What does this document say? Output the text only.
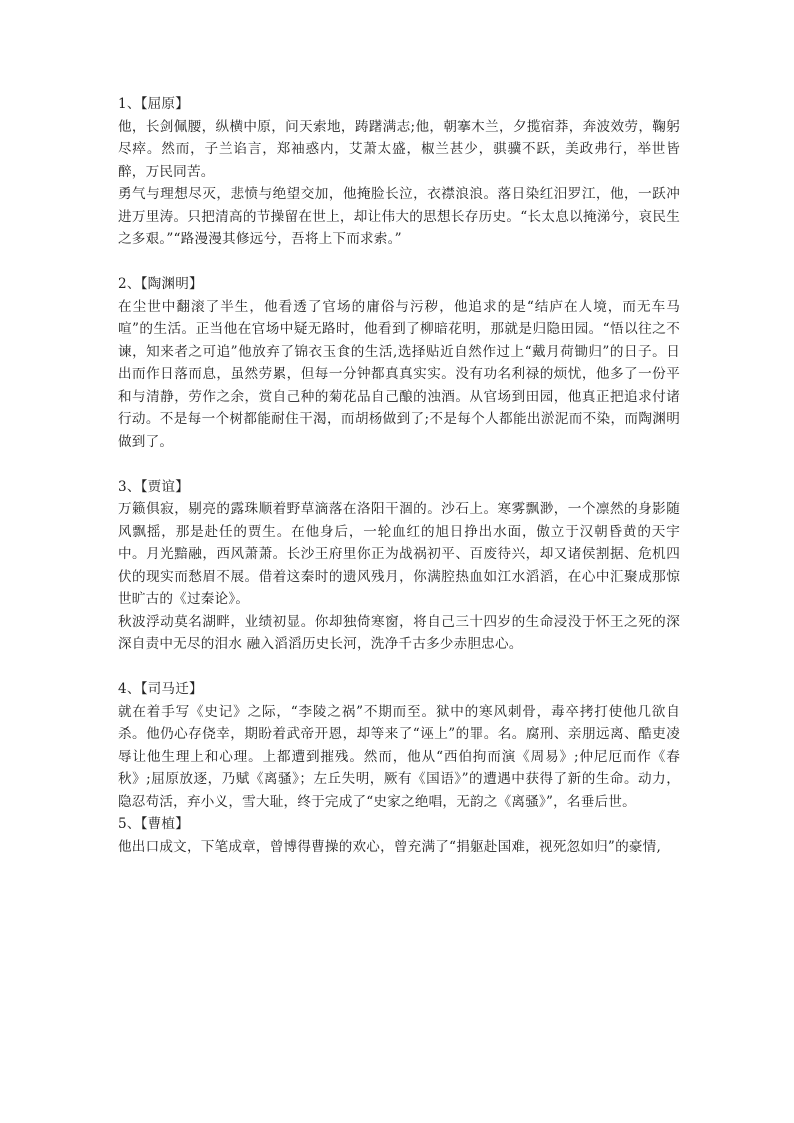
1、【屈原】

他，长剑佩腰，纵横中原，问天索地，踌躇满志;他，朝搴木兰，夕揽宿莽，奔波效劳，鞠躬尽瘁。然而，子兰谄言，郑袖惑内，艾萧太盛，椒兰甚少，骐骥不跃，美政弗行，举世皆醉，万民同苦。

勇气与理想尽灭，悲愤与绝望交加，他掩脸长泣，衣襟浪浪。落日染红汨罗江，他，一跃冲进万里涛。只把清高的节操留在世上，却让伟大的思想长存历史。“长太息以掩涕兮，哀民生之多艰。”“路漫漫其修远兮，吾将上下而求索。”

2、【陶渊明】

在尘世中翻滚了半生，他看透了官场的庸俗与污秽，他追求的是“结庐在人境，而无车马喧”的生活。正当他在官场中疑无路时，他看到了柳暗花明，那就是归隐田园。“悟以往之不谏，知来者之可追”他放弃了锦衣玉食的生活,选择贴近自然作过上“戴月荷锄归”的日子。日出而作日落而息，虽然劳累，但每一分钟都真真实实。没有功名利禄的烦忧，他多了一份平和与清静，劳作之余，赏自己种的菊花品自己酿的浊酒。从官场到田园，他真正把追求付诸行动。不是每一个树都能耐住干渴，而胡杨做到了;不是每个人都能出淤泥而不染，而陶渊明做到了。

3、【贾谊】

万籁俱寂，剔亮的露珠顺着野草滴落在洛阳干涸的。沙石上。寒雾飘渺，一个凛然的身影随风飘摇，那是赴任的贾生。在他身后，一轮血红的旭日挣出水面，傲立于汉朝昏黄的天宇中。月光黯融，西风萧萧。长沙王府里你正为战祸初平、百废待兴，却又诸侯割据、危机四伏的现实而愁眉不展。借着这秦时的遗风残月，你满腔热血如江水滔滔，在心中汇聚成那惊世旷古的《过秦论》。

秋波浮动莫名湖畔，业绩初显。你却独倚寒窗，将自己三十四岁的生命浸没于怀王之死的深深自责中无尽的泪水 融入滔滔历史长河，洗净千古多少赤胆忠心。

4、【司马迁】

就在着手写《史记》之际，“李陵之祸”不期而至。狱中的寒风刺骨，毒卒拷打使他几欲自杀。他仍心存侥幸，期盼着武帝开恩，却等来了“诬上”的罪。名。腐刑、亲朋远离、酷吏凌辱让他生理上和心理。上都遭到摧残。然而，他从“西伯拘而演《周易》;仲尼厄而作《春秋》;屈原放逐，乃赋《离骚》；左丘失明，厥有《国语》”的遭遇中获得了新的生命。动力，隐忍苟活，弃小义，雪大耻，终于完成了“史家之绝唱，无韵之《离骚》”，名垂后世。

5、【曹植】

他出口成文，下笔成章，曾博得曹操的欢心，曾充满了“捐躯赴国难，视死忽如归”的豪情,
